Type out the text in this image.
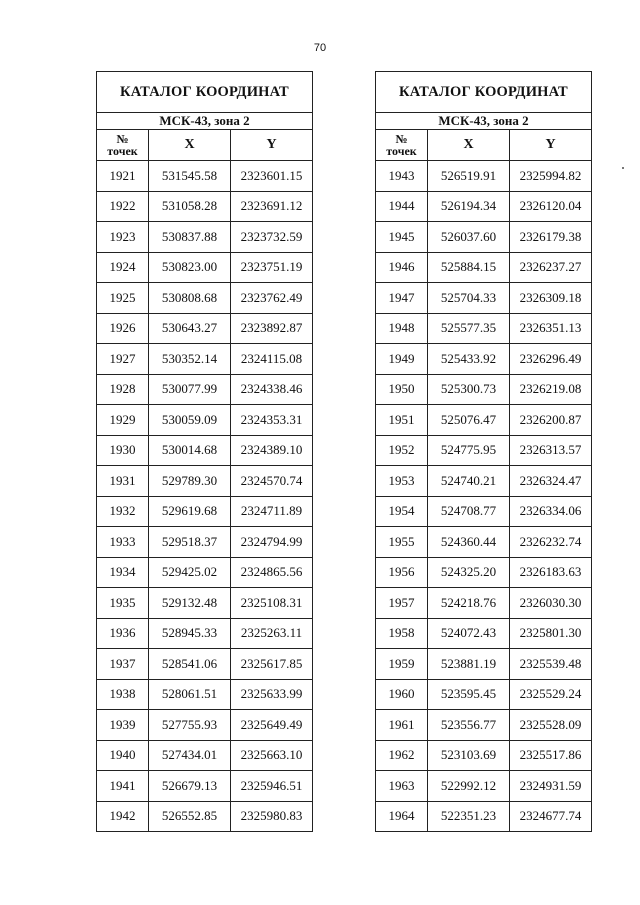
70
КАТАЛОГ КООРДИНАТ		
МСК-43, зона 2		
№
точек	X	Y
1921	531545.58	2323601.15
1922	531058.28	2323691.12
1923	530837.88	2323732.59
1924	530823.00	2323751.19
1925	530808.68	2323762.49
1926	530643.27	2323892.87
1927	530352.14	2324115.08
1928	530077.99	2324338.46
1929	530059.09	2324353.31
1930	530014.68	2324389.10
1931	529789.30	2324570.74
1932	529619.68	2324711.89
1933	529518.37	2324794.99
1934	529425.02	2324865.56
1935	529132.48	2325108.31
1936	528945.33	2325263.11
1937	528541.06	2325617.85
1938	528061.51	2325633.99
1939	527755.93	2325649.49
1940	527434.01	2325663.10
1941	526679.13	2325946.51
1942	526552.85	2325980.83
КАТАЛОГ КООРДИНАТ		
МСК-43, зона 2		
№
точек	X	Y
1943	526519.91	2325994.82
1944	526194.34	2326120.04
1945	526037.60	2326179.38
1946	525884.15	2326237.27
1947	525704.33	2326309.18
1948	525577.35	2326351.13
1949	525433.92	2326296.49
1950	525300.73	2326219.08
1951	525076.47	2326200.87
1952	524775.95	2326313.57
1953	524740.21	2326324.47
1954	524708.77	2326334.06
1955	524360.44	2326232.74
1956	524325.20	2326183.63
1957	524218.76	2326030.30
1958	524072.43	2325801.30
1959	523881.19	2325539.48
1960	523595.45	2325529.24
1961	523556.77	2325528.09
1962	523103.69	2325517.86
1963	522992.12	2324931.59
1964	522351.23	2324677.74
